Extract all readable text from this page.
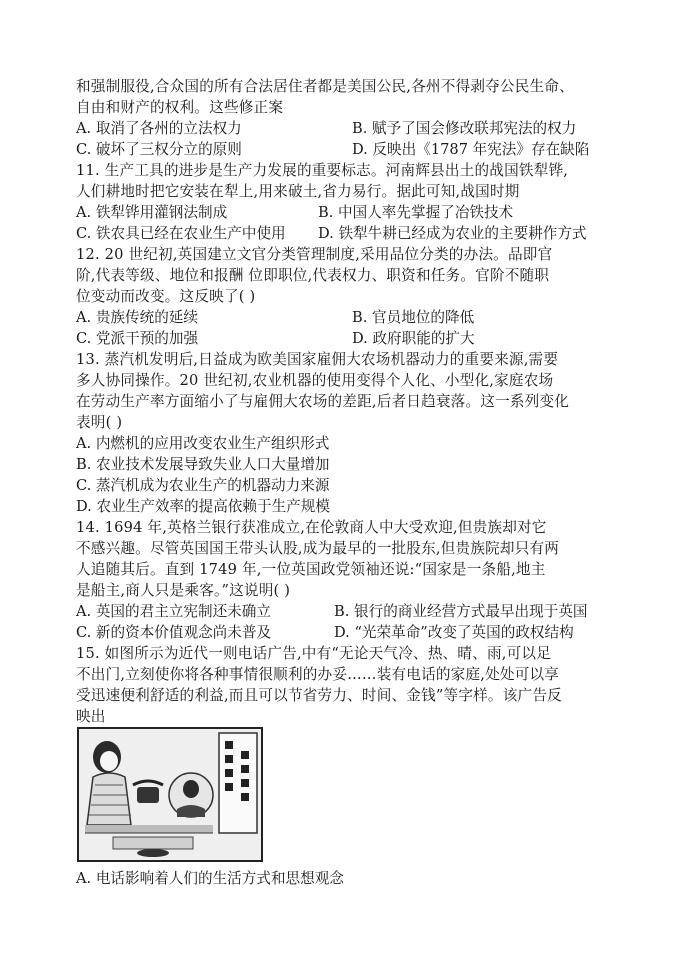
和强制服役,合众国的所有合法居住者都是美国公民,各州不得剥夺公民生命、
自由和财产的权利。这些修正案
A. 取消了各州的立法权力	B. 赋予了国会修改联邦宪法的权力
C. 破坏了三权分立的原则	D. 反映出《1787 年宪法》存在缺陷
11. 生产工具的进步是生产力发展的重要标志。河南辉县出土的战国铁犁铧,
人们耕地时把它安装在犁上,用来破土,省力易行。据此可知,战国时期
A. 铁犁铧用灌钢法制成	B. 中国人率先掌握了冶铁技术
C. 铁农具已经在农业生产中使用 D. 铁犁牛耕已经成为农业的主要耕作方式
12. 20 世纪初,英国建立文官分类管理制度,采用品位分类的办法。品即官
阶,代表等级、地位和报酬 位即职位,代表权力、职资和任务。官阶不随职
位变动而改变。这反映了( )
A. 贵族传统的延续	B. 官员地位的降低
C. 党派干预的加强	D. 政府职能的扩大
13. 蒸汽机发明后,日益成为欧美国家雇佣大农场机器动力的重要来源,需要
多人协同操作。20 世纪初,农业机器的使用变得个人化、小型化,家庭农场
在劳动生产率方面缩小了与雇佣大农场的差距,后者日趋衰落。这一系列变化
表明( )
A. 内燃机的应用改变农业生产组织形式
B. 农业技术发展导致失业人口大量增加
C. 蒸汽机成为农业生产的机器动力来源
D. 农业生产效率的提高依赖于生产规模
14. 1694 年,英格兰银行获准成立,在伦敦商人中大受欢迎,但贵族却对它
不感兴趣。尽管英国国王带头认股,成为最早的一批股东,但贵族院却只有两
人追随其后。直到 1749 年,一位英国政党领袖还说:“国家是一条船,地主
是船主,商人只是乘客。”这说明( )
A. 英国的君主立宪制还未确立	B. 银行的商业经营方式最早出现于英国
C. 新的资本价值观念尚未普及	D. “光荣革命”改变了英国的政权结构
15. 如图所示为近代一则电话广告,中有“无论天气冷、热、晴、雨,可以足
不出门,立刻使你将各种事情很顺利的办妥……装有电话的家庭,处处可以享
受迅速便利舒适的利益,而且可以节省劳力、时间、金钱”等字样。该广告反
映出
A. 电话影响着人们的生活方式和思想观念
